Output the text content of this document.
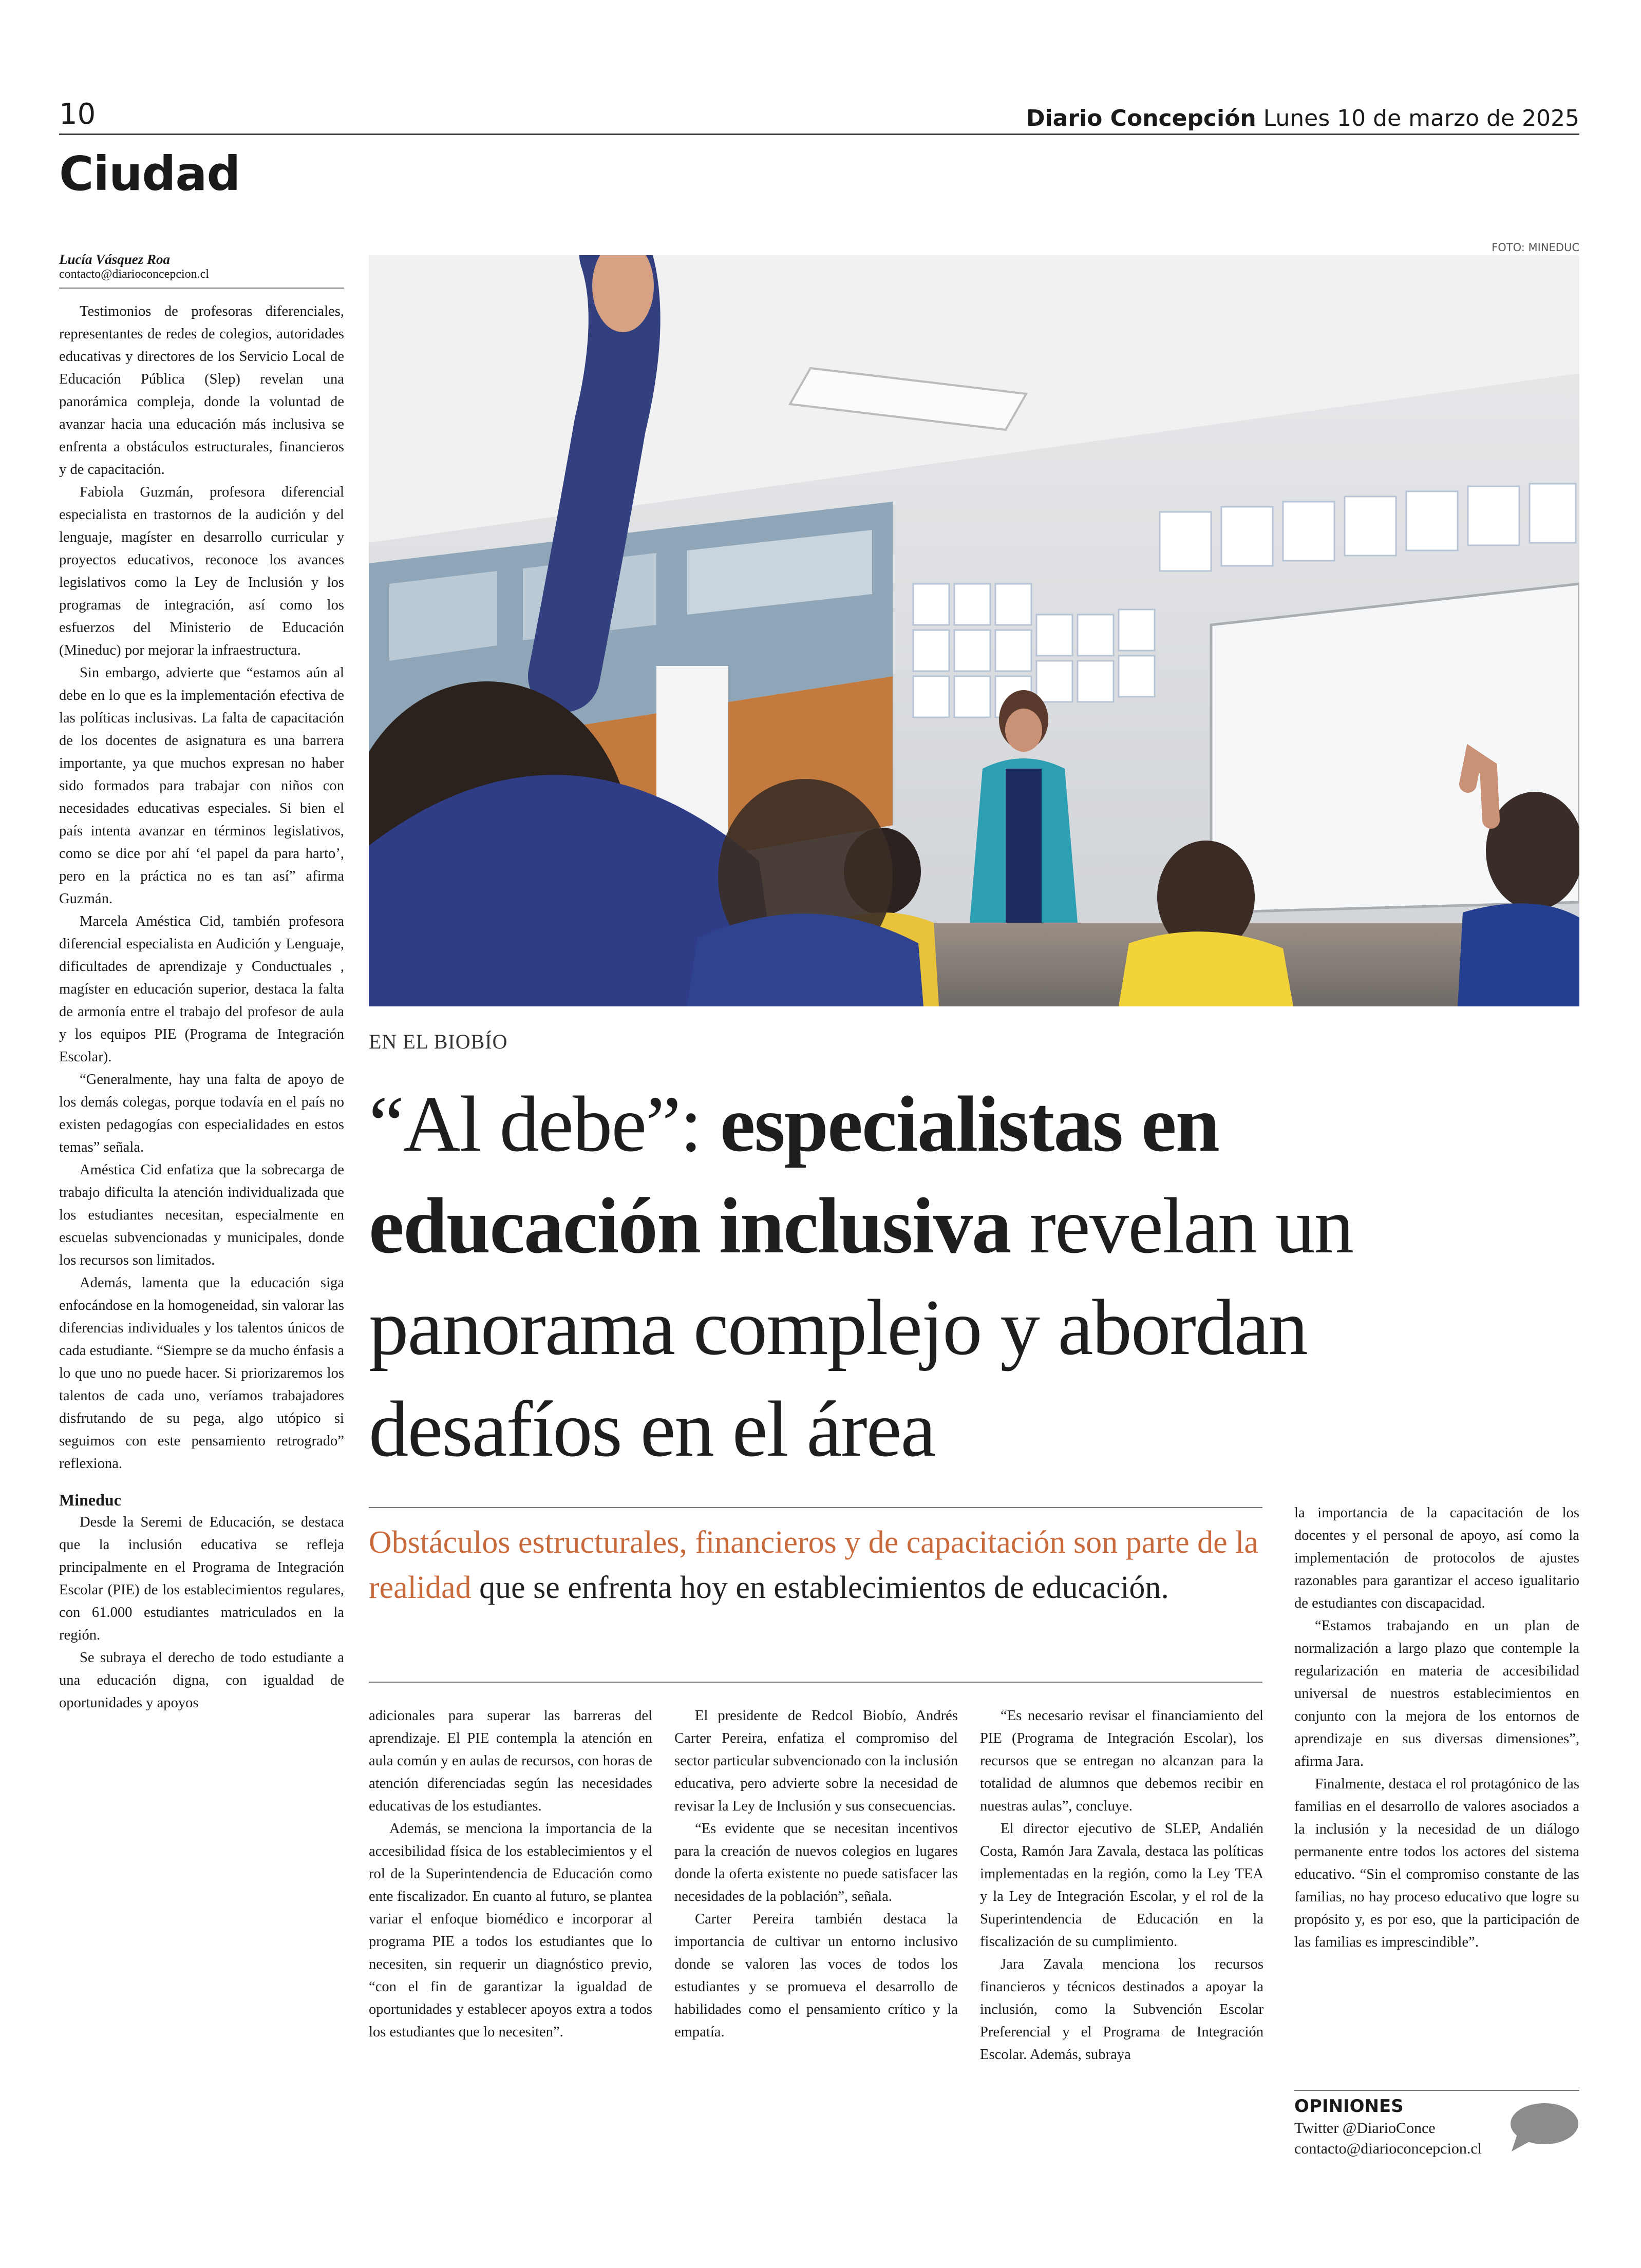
10	Diario Concepción Lunes 10 de marzo de 2025
Ciudad
Lucía Vásquez Roa
contacto@diarioconcepcion.cl

Testimonios de profesoras diferenciales, representantes de redes de colegios, autoridades educativas y directores de los Servicio Local de Educación Pública (Slep) revelan una panorámica compleja, donde la voluntad de avanzar hacia una educación más inclusiva se enfrenta a obstáculos estructurales, financieros y de capacitación.

Fabiola Guzmán, profesora diferencial especialista en trastornos de la audición y del lenguaje, magíster en desarrollo curricular y proyectos educativos, reconoce los avances legislativos como la Ley de Inclusión y los programas de integración, así como los esfuerzos del Ministerio de Educación (Mineduc) por mejorar la infraestructura.

Sin embargo, advierte que “estamos aún al debe en lo que es la implementación efectiva de las políticas inclusivas. La falta de capacitación de los docentes de asignatura es una barrera importante, ya que muchos expresan no haber sido formados para trabajar con niños con necesidades educativas especiales. Si bien el país intenta avanzar en términos legislativos, como se dice por ahí ‘el papel da para harto’, pero en la práctica no es tan así” afirma Guzmán.

Marcela Améstica Cid, también profesora diferencial especialista en Audición y Lenguaje, dificultades de aprendizaje y Conductuales , magíster en educación superior, destaca la falta de armonía entre el trabajo del profesor de aula y los equipos PIE (Programa de Integración Escolar).

“Generalmente, hay una falta de apoyo de los demás colegas, porque todavía en el país no existen pedagogías con especialidades en estos temas” señala.

Améstica Cid enfatiza que la sobrecarga de trabajo dificulta la atención individualizada que los estudiantes necesitan, especialmente en escuelas subvencionadas y municipales, donde los recursos son limitados.

Además, lamenta que la educación siga enfocándose en la homogeneidad, sin valorar las diferencias individuales y los talentos únicos de cada estudiante. “Siempre se da mucho énfasis a lo que uno no puede hacer. Si priorizaremos los talentos de cada uno, veríamos trabajadores disfrutando de su pega, algo utópico si seguimos con este pensamiento retrogrado” reflexiona.

Mineduc

Desde la Seremi de Educación, se destaca que la inclusión educativa se refleja principalmente en el Programa de Integración Escolar (PIE) de los establecimientos regulares, con 61.000 estudiantes matriculados en la región.

Se subraya el derecho de todo estudiante a una educación digna, con igualdad de oportunidades y apoyos

FOTO: MINEDUC
EN EL BIOBÍO
“Al debe”: especialistas en educación inclusiva revelan un panorama complejo y abordan desafíos en el área
Obstáculos estructurales, financieros y de capacitación son parte de la realidad que se enfrenta hoy en establecimientos de educación.

adicionales para superar las barreras del aprendizaje. El PIE contempla la atención en aula común y en aulas de recursos, con horas de atención diferenciadas según las necesidades educativas de los estudiantes.

Además, se menciona la importancia de la accesibilidad física de los establecimientos y el rol de la Superintendencia de Educación como ente fiscalizador. En cuanto al futuro, se plantea variar el enfoque biomédico e incorporar al programa PIE a todos los estudiantes que lo necesiten, sin requerir un diagnóstico previo, “con el fin de garantizar la igualdad de oportunidades y establecer apoyos extra a todos los estudiantes que lo necesiten”.

El presidente de Redcol Biobío, Andrés Carter Pereira, enfatiza el compromiso del sector particular subvencionado con la inclusión educativa, pero advierte sobre la necesidad de revisar la Ley de Inclusión y sus consecuencias.

“Es evidente que se necesitan incentivos para la creación de nuevos colegios en lugares donde la oferta existente no puede satisfacer las necesidades de la población”, señala.

Carter Pereira también destaca la importancia de cultivar un entorno inclusivo donde se valoren las voces de todos los estudiantes y se promueva el desarrollo de habilidades como el pensamiento crítico y la empatía.

“Es necesario revisar el financiamiento del PIE (Programa de Integración Escolar), los recursos que se entregan no alcanzan para la totalidad de alumnos que debemos recibir en nuestras aulas”, concluye.

El director ejecutivo de SLEP, Andalién Costa, Ramón Jara Zavala, destaca las políticas implementadas en la región, como la Ley TEA y la Ley de Integración Escolar, y el rol de la Superintendencia de Educación en la fiscalización de su cumplimiento.

Jara Zavala menciona los recursos financieros y técnicos destinados a apoyar la inclusión, como la Subvención Escolar Preferencial y el Programa de Integración Escolar. Además, subraya

la importancia de la capacitación de los docentes y el personal de apoyo, así como la implementación de protocolos de ajustes razonables para garantizar el acceso igualitario de estudiantes con discapacidad.

“Estamos trabajando en un plan de normalización a largo plazo que contemple la regularización en materia de accesibilidad universal de nuestros establecimientos en conjunto con la mejora de los entornos de aprendizaje en sus diversas dimensiones”, afirma Jara.

Finalmente, destaca el rol protagónico de las familias en el desarrollo de valores asociados a la inclusión y la necesidad de un diálogo permanente entre todos los actores del sistema educativo. “Sin el compromiso constante de las familias, no hay proceso educativo que logre su propósito y, es por eso, que la participación de las familias es imprescindible”.

OPINIONES
Twitter @DiarioConce
contacto@diarioconcepcion.cl
